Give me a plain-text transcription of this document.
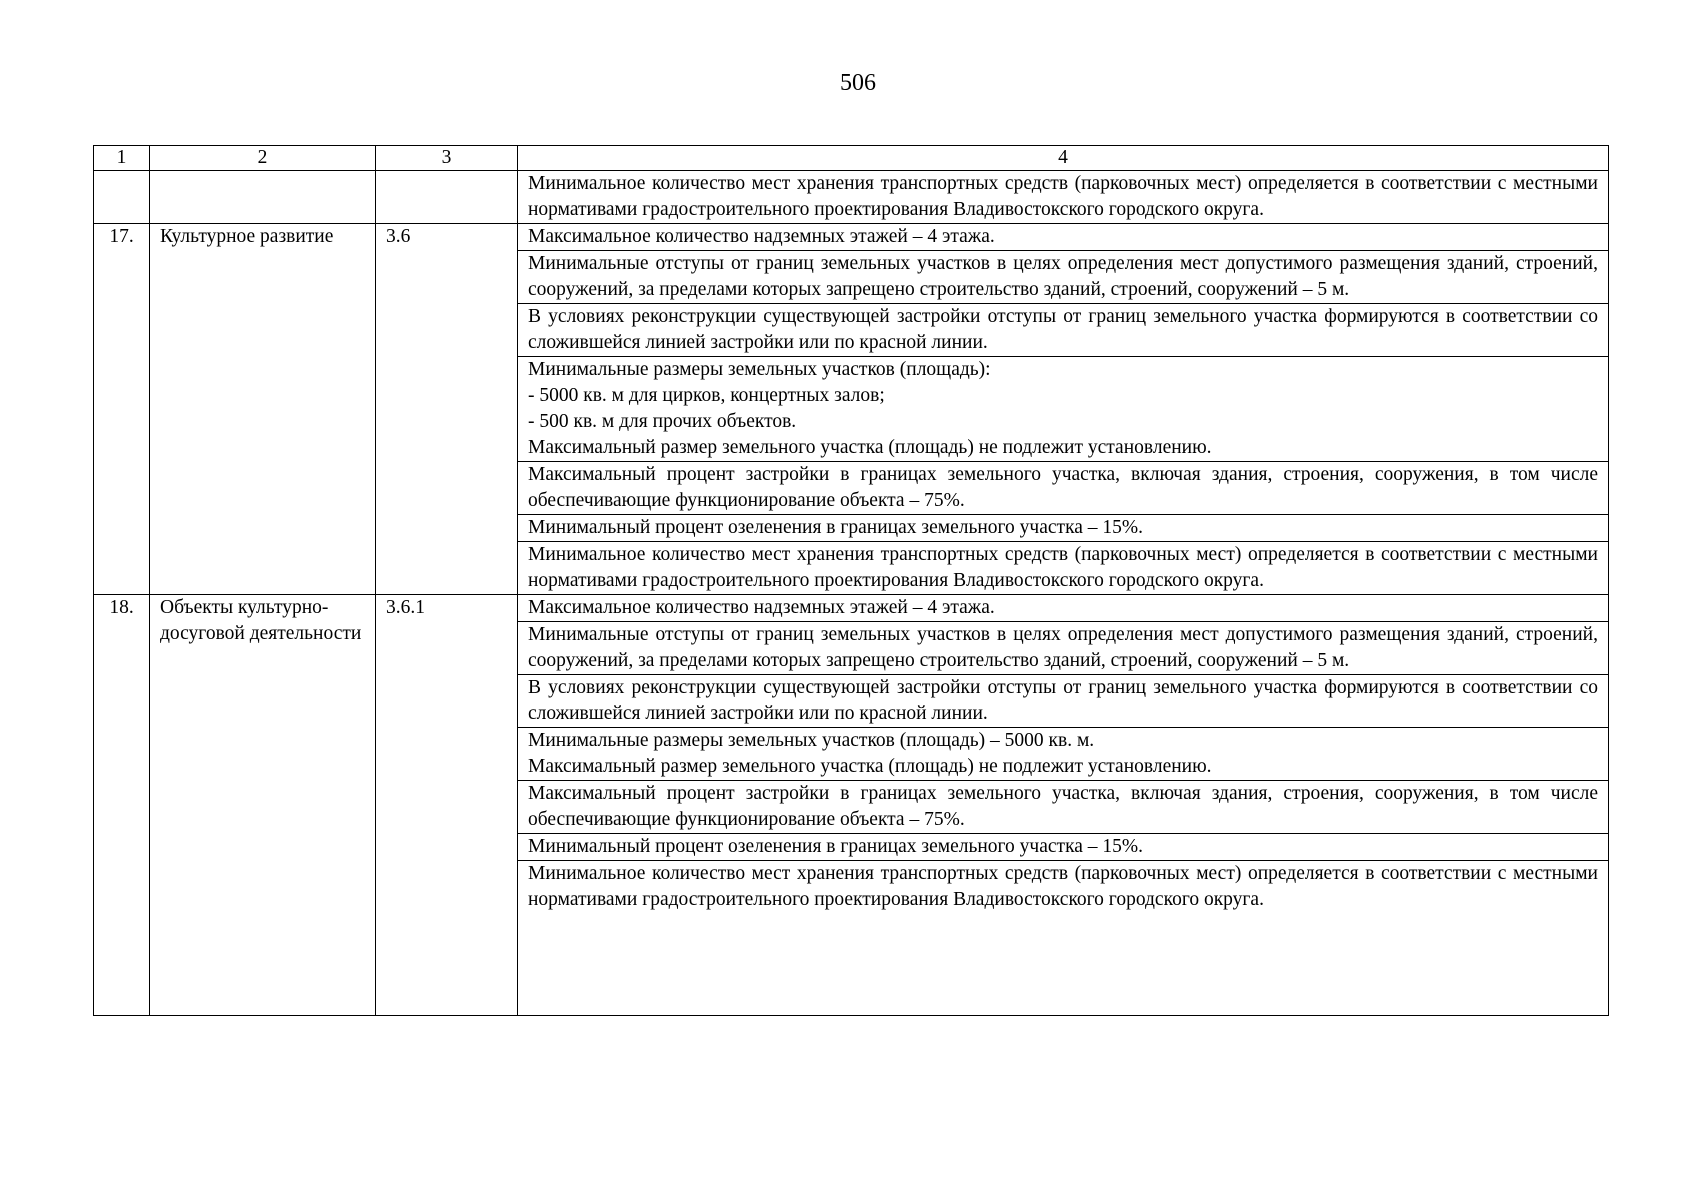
506
1	2	3	4
			Минимальное количество мест хранения транспортных средств (парковочных мест) определяется в соответствии с местными нормативами градостроительного проектирования Владивостокского городского округа.
17.	Культурное развитие	3.6	Максимальное количество надземных этажей – 4 этажа.
			Минимальные отступы от границ земельных участков в целях определения мест допустимого размещения зданий, строений, сооружений, за пределами которых запрещено строительство зданий, строений, сооружений – 5 м.
			В условиях реконструкции существующей застройки отступы от границ земельного участка формируются в соответствии со сложившейся линией застройки или по красной линии.

			Минимальные размеры земельных участков (площадь):
- 5000 кв. м для цирков, концертных залов;
- 500 кв. м для прочих объектов.
Максимальный размер земельного участка (площадь) не подлежит установлению.

			Максимальный процент застройки в границах земельного участка, включая здания, строения, сооружения, в том числе обеспечивающие функционирование объекта – 75%.
			Минимальный процент озеленения в границах земельного участка – 15%.
			Минимальное количество мест хранения транспортных средств (парковочных мест) определяется в соответствии с местными нормативами градостроительного проектирования Владивостокского городского округа.
18.	Объекты культурно-досуговой деятельности	3.6.1	Максимальное количество надземных этажей – 4 этажа.
			Минимальные отступы от границ земельных участков в целях определения мест допустимого размещения зданий, строений, сооружений, за пределами которых запрещено строительство зданий, строений, сооружений – 5 м.
			В условиях реконструкции существующей застройки отступы от границ земельного участка формируются в соответствии со сложившейся линией застройки или по красной линии.

			Минимальные размеры земельных участков (площадь) – 5000 кв. м.
Максимальный размер земельного участка (площадь) не подлежит установлению.

			Максимальный процент застройки в границах земельного участка, включая здания, строения, сооружения, в том числе обеспечивающие функционирование объекта – 75%.
			Минимальный процент озеленения в границах земельного участка – 15%.
			Минимальное количество мест хранения транспортных средств (парковочных мест) определяется в соответствии с местными нормативами градостроительного проектирования Владивостокского городского округа.
